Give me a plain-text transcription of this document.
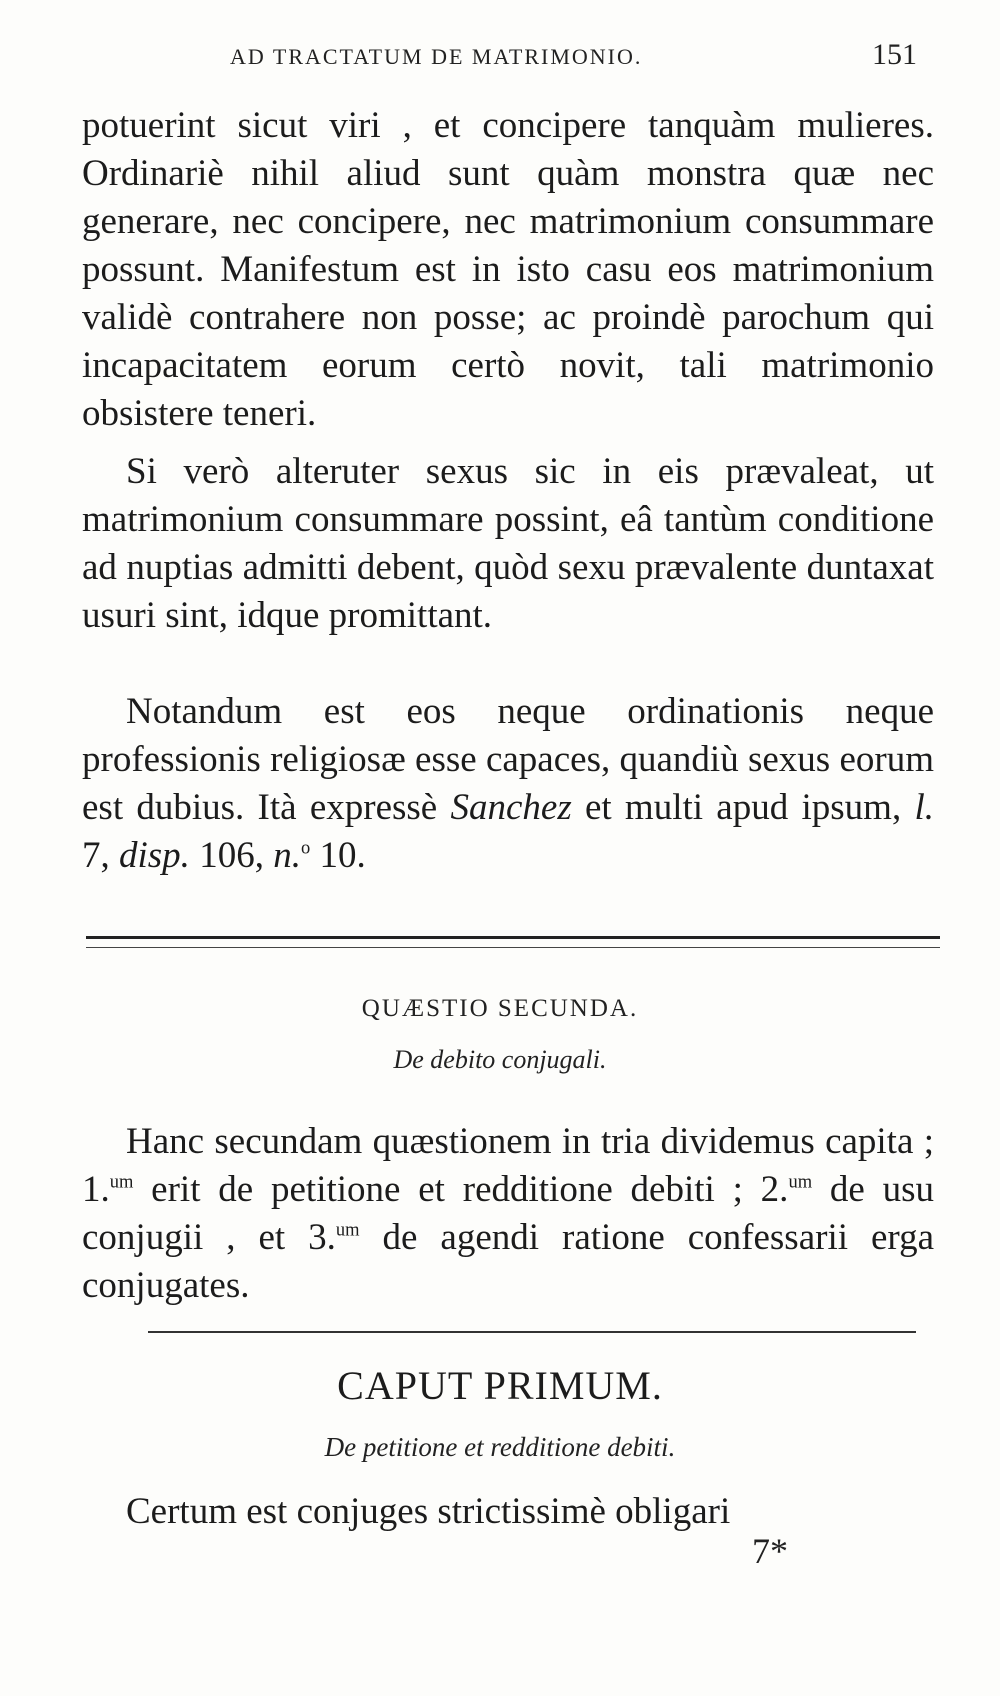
AD TRACTATUM DE MATRIMONIO.	151

potuerint sicut viri , et concipere tanquàm mulieres. Ordinariè nihil aliud sunt quàm monstra quæ nec generare, nec concipere, nec matrimonium consummare possunt. Manifestum est in isto casu eos matrimonium validè contrahere non posse; ac proindè parochum qui incapacitatem eorum certò novit, tali matrimonio obsistere teneri.

Si verò alteruter sexus sic in eis prævaleat, ut matrimonium consummare possint, eâ tantùm conditione ad nuptias admitti debent, quòd sexu prævalente duntaxat usuri sint, idque promittant.

Notandum est eos neque ordinationis neque professionis religiosæ esse capaces, quandiù sexus eorum est dubius. Ità expressè Sanchez et multi apud ipsum, l. 7, disp. 106, n.$^o$ 10.

QUÆSTIO SECUNDA.
De debito conjugali.

Hanc secundam quæstionem in tria dividemus capita ; 1.$^{um}$ erit de petitione et redditione debiti ; 2.$^{um}$ de usu conjugii , et 3.$^{um}$ de agendi ratione confessarii erga conjugates.

CAPUT PRIMUM.
De petitione et redditione debiti.

Certum est conjuges strictissimè obligari

7*
